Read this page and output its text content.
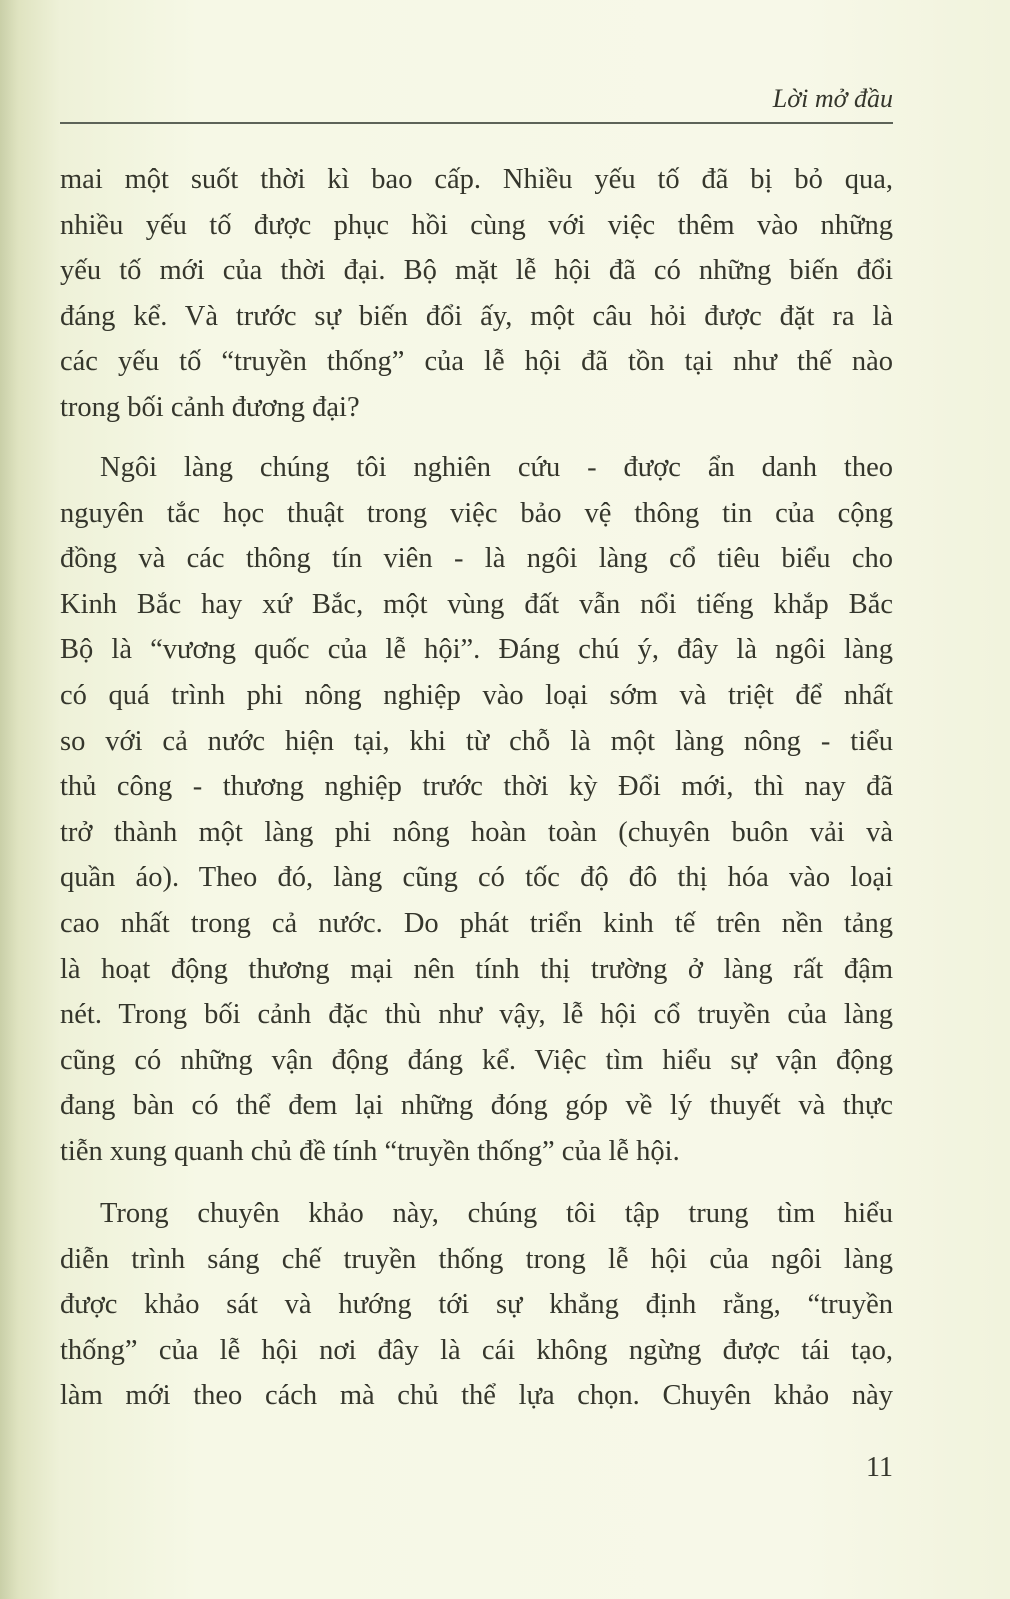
Lời mở đầu
mai một suốt thời kì bao cấp. Nhiều yếu tố đã bị bỏ qua,
nhiều yếu tố được phục hồi cùng với việc thêm vào những
yếu tố mới của thời đại. Bộ mặt lễ hội đã có những biến đổi
đáng kể. Và trước sự biến đổi ấy, một câu hỏi được đặt ra là
các yếu tố “truyền thống” của lễ hội đã tồn tại như thế nào
trong bối cảnh đương đại?
Ngôi làng chúng tôi nghiên cứu - được ẩn danh theo
nguyên tắc học thuật trong việc bảo vệ thông tin của cộng
đồng và các thông tín viên - là ngôi làng cổ tiêu biểu cho
Kinh Bắc hay xứ Bắc, một vùng đất vẫn nổi tiếng khắp Bắc
Bộ là “vương quốc của lễ hội”. Đáng chú ý, đây là ngôi làng
có quá trình phi nông nghiệp vào loại sớm và triệt để nhất
so với cả nước hiện tại, khi từ chỗ là một làng nông - tiểu
thủ công - thương nghiệp trước thời kỳ Đổi mới, thì nay đã
trở thành một làng phi nông hoàn toàn (chuyên buôn vải và
quần áo). Theo đó, làng cũng có tốc độ đô thị hóa vào loại
cao nhất trong cả nước. Do phát triển kinh tế trên nền tảng
là hoạt động thương mại nên tính thị trường ở làng rất đậm
nét. Trong bối cảnh đặc thù như vậy, lễ hội cổ truyền của làng
cũng có những vận động đáng kể. Việc tìm hiểu sự vận động
đang bàn có thể đem lại những đóng góp về lý thuyết và thực
tiễn xung quanh chủ đề tính “truyền thống” của lễ hội.
Trong chuyên khảo này, chúng tôi tập trung tìm hiểu
diễn trình sáng chế truyền thống trong lễ hội của ngôi làng
được khảo sát và hướng tới sự khẳng định rằng, “truyền
thống” của lễ hội nơi đây là cái không ngừng được tái tạo,
làm mới theo cách mà chủ thể lựa chọn. Chuyên khảo này
11
